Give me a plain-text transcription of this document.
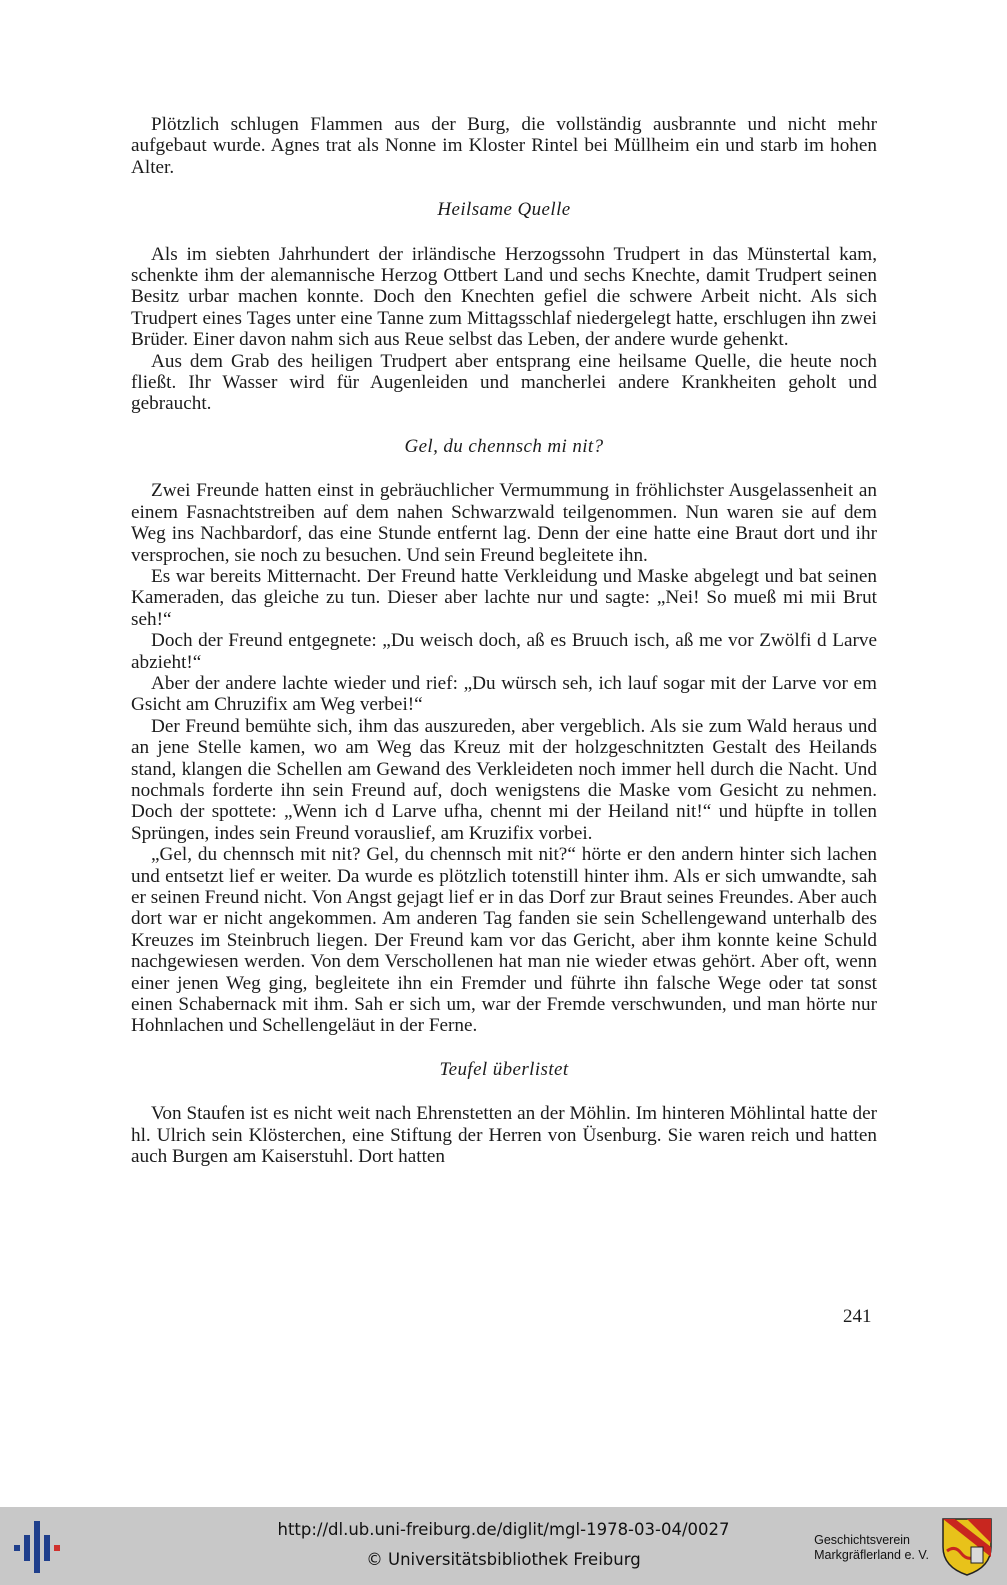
Plötzlich schlugen Flammen aus der Burg, die vollständig ausbrannte und nicht mehr aufgebaut wurde. Agnes trat als Nonne im Kloster Rintel bei Müllheim ein und starb im hohen Alter.

Heilsame Quelle

Als im siebten Jahrhundert der irländische Herzogssohn Trudpert in das Münstertal kam, schenkte ihm der alemannische Herzog Ottbert Land und sechs Knechte, damit Trudpert seinen Besitz urbar machen konnte. Doch den Knechten gefiel die schwere Arbeit nicht. Als sich Trudpert eines Tages unter eine Tanne zum Mittagsschlaf niedergelegt hatte, erschlugen ihn zwei Brüder. Einer davon nahm sich aus Reue selbst das Leben, der andere wurde gehenkt.

Aus dem Grab des heiligen Trudpert aber entsprang eine heilsame Quelle, die heute noch fließt. Ihr Wasser wird für Augenleiden und mancherlei andere Krankheiten geholt und gebraucht.

Gel, du chennsch mi nit?

Zwei Freunde hatten einst in gebräuchlicher Vermummung in fröhlichster Ausgelassenheit an einem Fasnachtstreiben auf dem nahen Schwarzwald teilgenommen. Nun waren sie auf dem Weg ins Nachbardorf, das eine Stunde entfernt lag. Denn der eine hatte eine Braut dort und ihr versprochen, sie noch zu besuchen. Und sein Freund begleitete ihn.

Es war bereits Mitternacht. Der Freund hatte Verkleidung und Maske abgelegt und bat seinen Kameraden, das gleiche zu tun. Dieser aber lachte nur und sagte: „Nei! So mueß mi mii Brut seh!“

Doch der Freund entgegnete: „Du weisch doch, aß es Bruuch isch, aß me vor Zwölfi d Larve abzieht!“

Aber der andere lachte wieder und rief: „Du würsch seh, ich lauf sogar mit der Larve vor em Gsicht am Chruzifix am Weg verbei!“

Der Freund bemühte sich, ihm das auszureden, aber vergeblich. Als sie zum Wald heraus und an jene Stelle kamen, wo am Weg das Kreuz mit der holzgeschnitzten Gestalt des Heilands stand, klangen die Schellen am Gewand des Verkleideten noch immer hell durch die Nacht. Und nochmals forderte ihn sein Freund auf, doch wenigstens die Maske vom Gesicht zu nehmen. Doch der spottete: „Wenn ich d Larve ufha, chennt mi der Heiland nit!“ und hüpfte in tollen Sprüngen, indes sein Freund vorauslief, am Kruzifix vorbei.

„Gel, du chennsch mit nit? Gel, du chennsch mit nit?“ hörte er den andern hinter sich lachen und entsetzt lief er weiter. Da wurde es plötzlich totenstill hinter ihm. Als er sich umwandte, sah er seinen Freund nicht. Von Angst gejagt lief er in das Dorf zur Braut seines Freundes. Aber auch dort war er nicht angekommen. Am anderen Tag fanden sie sein Schellengewand unterhalb des Kreuzes im Steinbruch liegen. Der Freund kam vor das Gericht, aber ihm konnte keine Schuld nachgewiesen werden. Von dem Verschollenen hat man nie wieder etwas gehört. Aber oft, wenn einer jenen Weg ging, begleitete ihn ein Fremder und führte ihn falsche Wege oder tat sonst einen Schabernack mit ihm. Sah er sich um, war der Fremde verschwunden, und man hörte nur Hohnlachen und Schellengeläut in der Ferne.

Teufel überlistet

Von Staufen ist es nicht weit nach Ehrenstetten an der Möhlin. Im hinteren Möhlintal hatte der hl. Ulrich sein Klösterchen, eine Stiftung der Herren von Üsenburg. Sie waren reich und hatten auch Burgen am Kaiserstuhl. Dort hatten

241
http://dl.ub.uni-freiburg.de/diglit/mgl-1978-03-04/0027
© Universitätsbibliothek Freiburg
Geschichtsverein
Markgräflerland e. V.
